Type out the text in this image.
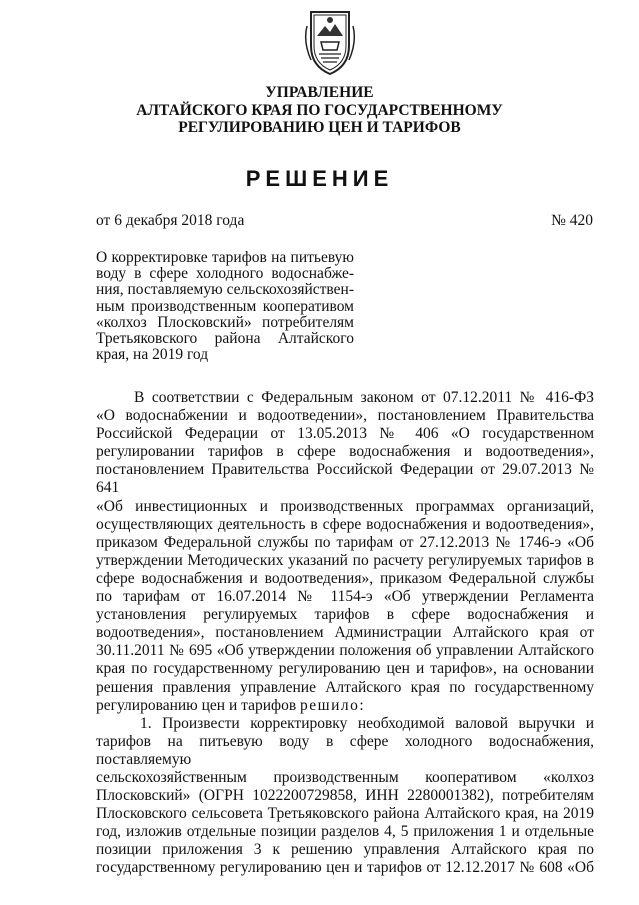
УПРАВЛЕНИЕ
АЛТАЙСКОГО КРАЯ ПО ГОСУДАРСТВЕННОМУ
РЕГУЛИРОВАНИЮ ЦЕН И ТАРИФОВ
РЕШЕНИЕ
от 6 декабря 2018 года	№ 420
О корректировке тарифов на питьевую
воду в сфере холодного водоснабже-
ния, поставляемую сельскохозяйствен-
ным производственным кооперативом
«колхоз Плосковский» потребителям
Третьяковского района Алтайского
края, на 2019 год
В соответствии с Федеральным законом от 07.12.2011 № 416-ФЗ
«О водоснабжении и водоотведении», постановлением Правительства
Российской Федерации от 13.05.2013 № 406 «О государственном
регулировании тарифов в сфере водоснабжения и водоотведения»,
постановлением Правительства Российской Федерации от 29.07.2013 № 641
«Об инвестиционных и производственных программах организаций,
осуществляющих деятельность в сфере водоснабжения и водоотведения»,
приказом Федеральной службы по тарифам от 27.12.2013 № 1746-э «Об
утверждении Методических указаний по расчету регулируемых тарифов в
сфере водоснабжения и водоотведения», приказом Федеральной службы
по тарифам от 16.07.2014 № 1154-э «Об утверждении Регламента
установления регулируемых тарифов в сфере водоснабжения и
водоотведения», постановлением Администрации Алтайского края от
30.11.2011 № 695 «Об утверждении положения об управлении Алтайского
края по государственному регулированию цен и тарифов», на основании
решения правления управление Алтайского края по государственному
регулированию цен и тарифов решило:
1. Произвести корректировку необходимой валовой выручки и
тарифов на питьевую воду в сфере холодного водоснабжения, поставляемую
сельскохозяйственным производственным кооперативом «колхоз
Плосковский» (ОГРН 1022200729858, ИНН 2280001382), потребителям
Плосковского сельсовета Третьяковского района Алтайского края, на 2019
год, изложив отдельные позиции разделов 4, 5 приложения 1 и отдельные
позиции приложения 3 к решению управления Алтайского края по
государственному регулированию цен и тарифов от 12.12.2017 № 608 «Об
